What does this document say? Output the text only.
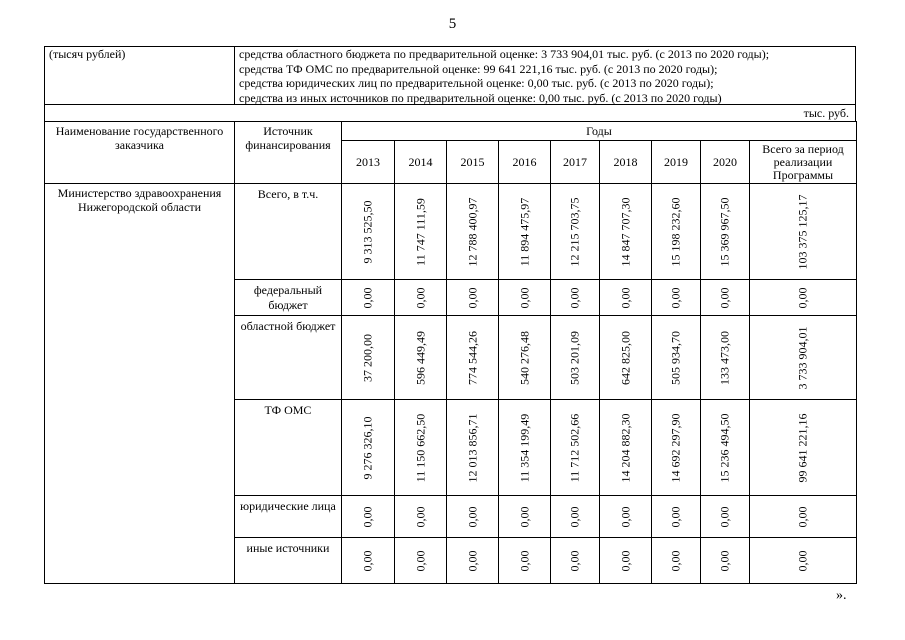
5
(тысяч рублей)	средства областного бюджета по предварительной оценке: 3 733 904,01 тыс. руб. (с 2013 по 2020 годы);
средства ТФ ОМС по предварительной оценке: 99 641 221,16 тыс. руб. (с 2013 по 2020 годы);
средства юридических лиц по предварительной оценке: 0,00 тыс. руб. (с 2013 по 2020 годы);
средства из иных источников по предварительной оценке: 0,00 тыс. руб. (с 2013 по 2020 годы)
тыс. руб.
Наименование государственного заказчика	Источник финансирования	Годы								
		2013	2014	2015	2016	2017	2018	2019	2020	Всего за период реализации Программы
Министерство здравоохранения Нижегородской области	Всего, в т.ч.	9 313 525,50	11 747 111,59	12 788 400,97	11 894 475,97	12 215 703,75	14 847 707,30	15 198 232,60	15 369 967,50	103 375 125,17

	федеральный бюджет	0,00	0,00	0,00	0,00	0,00	0,00	0,00	0,00	0,00

	областной бюджет	37 200,00	596 449,49	774 544,26	540 276,48	503 201,09	642 825,00	505 934,70	133 473,00	3 733 904,01

	ТФ ОМС	9 276 326,10	11 150 662,50	12 013 856,71	11 354 199,49	11 712 502,66	14 204 882,30	14 692 297,90	15 236 494,50	99 641 221,16

	юридические лица	0,00	0,00	0,00	0,00	0,00	0,00	0,00	0,00	0,00

	иные источники	0,00	0,00	0,00	0,00	0,00	0,00	0,00	0,00	0,00
».
